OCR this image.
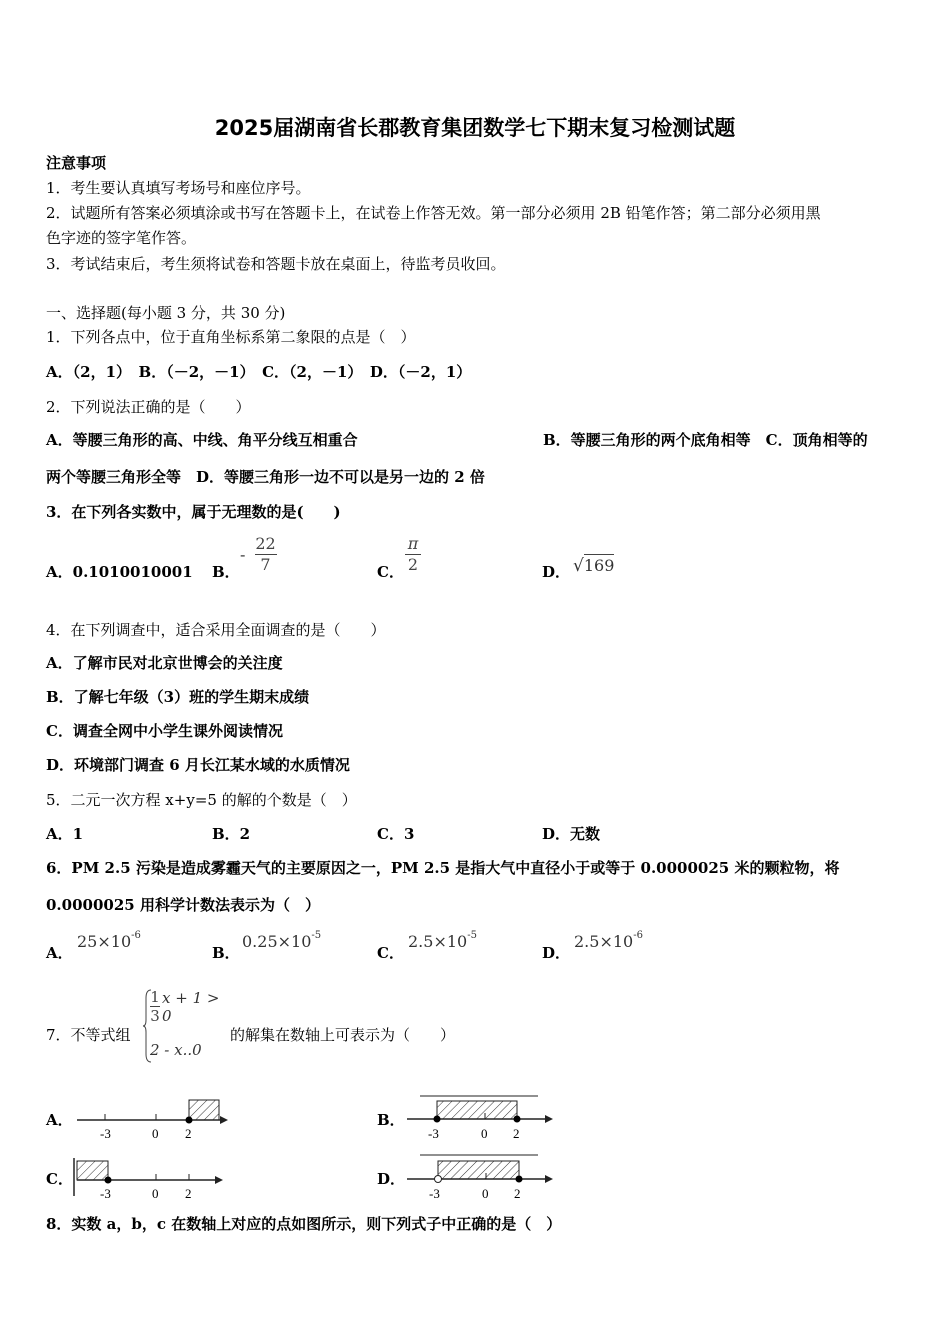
2025届湖南省长郡教育集团数学七下期末复习检测试题
注意事项
1．考生要认真填写考场号和座位序号。
2．试题所有答案必须填涂或书写在答题卡上，在试卷上作答无效。第一部分必须用 2B 铅笔作答；第二部分必须用黑
色字迹的签字笔作答。
3．考试结束后，考生须将试卷和答题卡放在桌面上，待监考员收回。
一、选择题(每小题 3 分，共 30 分)
1．下列各点中，位于直角坐标系第二象限的点是（　）
A．（2，1）　B．（－2，－1）　C．（2，－1）　D．（－2，1）
2．下列说法正确的是（　　）
A．等腰三角形的高、中线、角平分线互相重合	B．等腰三角形的两个底角相等　C．顶角相等的
两个等腰三角形全等　D．等腰三角形一边不可以是另一边的 2 倍
3．在下列各实数中，属于无理数的是(　　)
A．0.1010010001 B．
- $\frac{22}{7}$	C． $\frac{\pi}{2}$	D． √169
4．在下列调查中，适合采用全面调查的是（　　）
A．了解市民对北京世博会的关注度
B．了解七年级（3）班的学生期末成绩
C．调查全网中小学生课外阅读情况
D．环境部门调查 6 月长江某水域的水质情况
5．二元一次方程 x+y=5 的解的个数是（　）
A．1	B．2	C．3	D．无数
6．PM 2.5 污染是造成雾霾天气的主要原因之一，PM 2.5 是指大气中直径小于或等于 0.0000025 米的颗粒物，将
0.0000025 用科学计数法表示为（　）
A．
$25\times 10^{-6}$
B．
$0.25\times 10^{-5}$
C．
$2.5\times 10^{-5}$
D．
$2.5\times 10^{-6}$
7．不等式组
$\frac{1}{3}$ x + 1 > 0
2 - x..0
的解集在数轴上可表示为（　　）
A．	B．
C．	D．
-3	0 2	-3	0 2
-3	0 2	-3	0 2
8．实数 a，b，c 在数轴上对应的点如图所示，则下列式子中正确的是（　）
